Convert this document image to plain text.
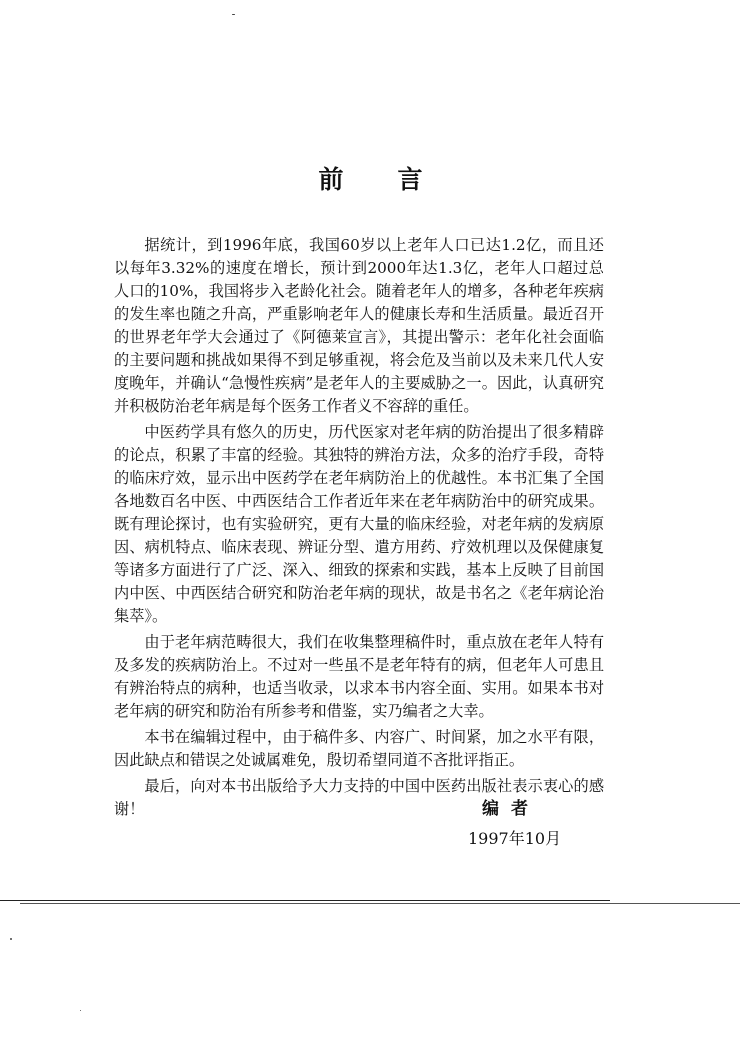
前 言

据统计，到1996年底，我国60岁以上老年人口已达1.2亿，而且还以每年3.32%的速度在增长，预计到2000年达1.3亿，老年人口超过总人口的10%，我国将步入老龄化社会。随着老年人的增多，各种老年疾病的发生率也随之升高，严重影响老年人的健康长寿和生活质量。最近召开的世界老年学大会通过了《阿德莱宣言》，其提出警示：老年化社会面临的主要问题和挑战如果得不到足够重视，将会危及当前以及未来几代人安度晚年，并确认“急慢性疾病”是老年人的主要威胁之一。因此，认真研究并积极防治老年病是每个医务工作者义不容辞的重任。

中医药学具有悠久的历史，历代医家对老年病的防治提出了很多精辟的论点，积累了丰富的经验。其独特的辨治方法，众多的治疗手段，奇特的临床疗效，显示出中医药学在老年病防治上的优越性。本书汇集了全国各地数百名中医、中西医结合工作者近年来在老年病防治中的研究成果。既有理论探讨，也有实验研究，更有大量的临床经验，对老年病的发病原因、病机特点、临床表现、辨证分型、遣方用药、疗效机理以及保健康复等诸多方面进行了广泛、深入、细致的探索和实践，基本上反映了目前国内中医、中西医结合研究和防治老年病的现状，故是书名之《老年病论治集萃》。

由于老年病范畴很大，我们在收集整理稿件时，重点放在老年人特有及多发的疾病防治上。不过对一些虽不是老年特有的病，但老年人可患且有辨治特点的病种，也适当收录，以求本书内容全面、实用。如果本书对老年病的研究和防治有所参考和借鉴，实乃编者之大幸。

本书在编辑过程中，由于稿件多、内容广、时间紧，加之水平有限，因此缺点和错误之处诚属难免，殷切希望同道不吝批评指正。

最后，向对本书出版给予大力支持的中国中医药出版社表示衷心的感谢！	编者
1997年10月
